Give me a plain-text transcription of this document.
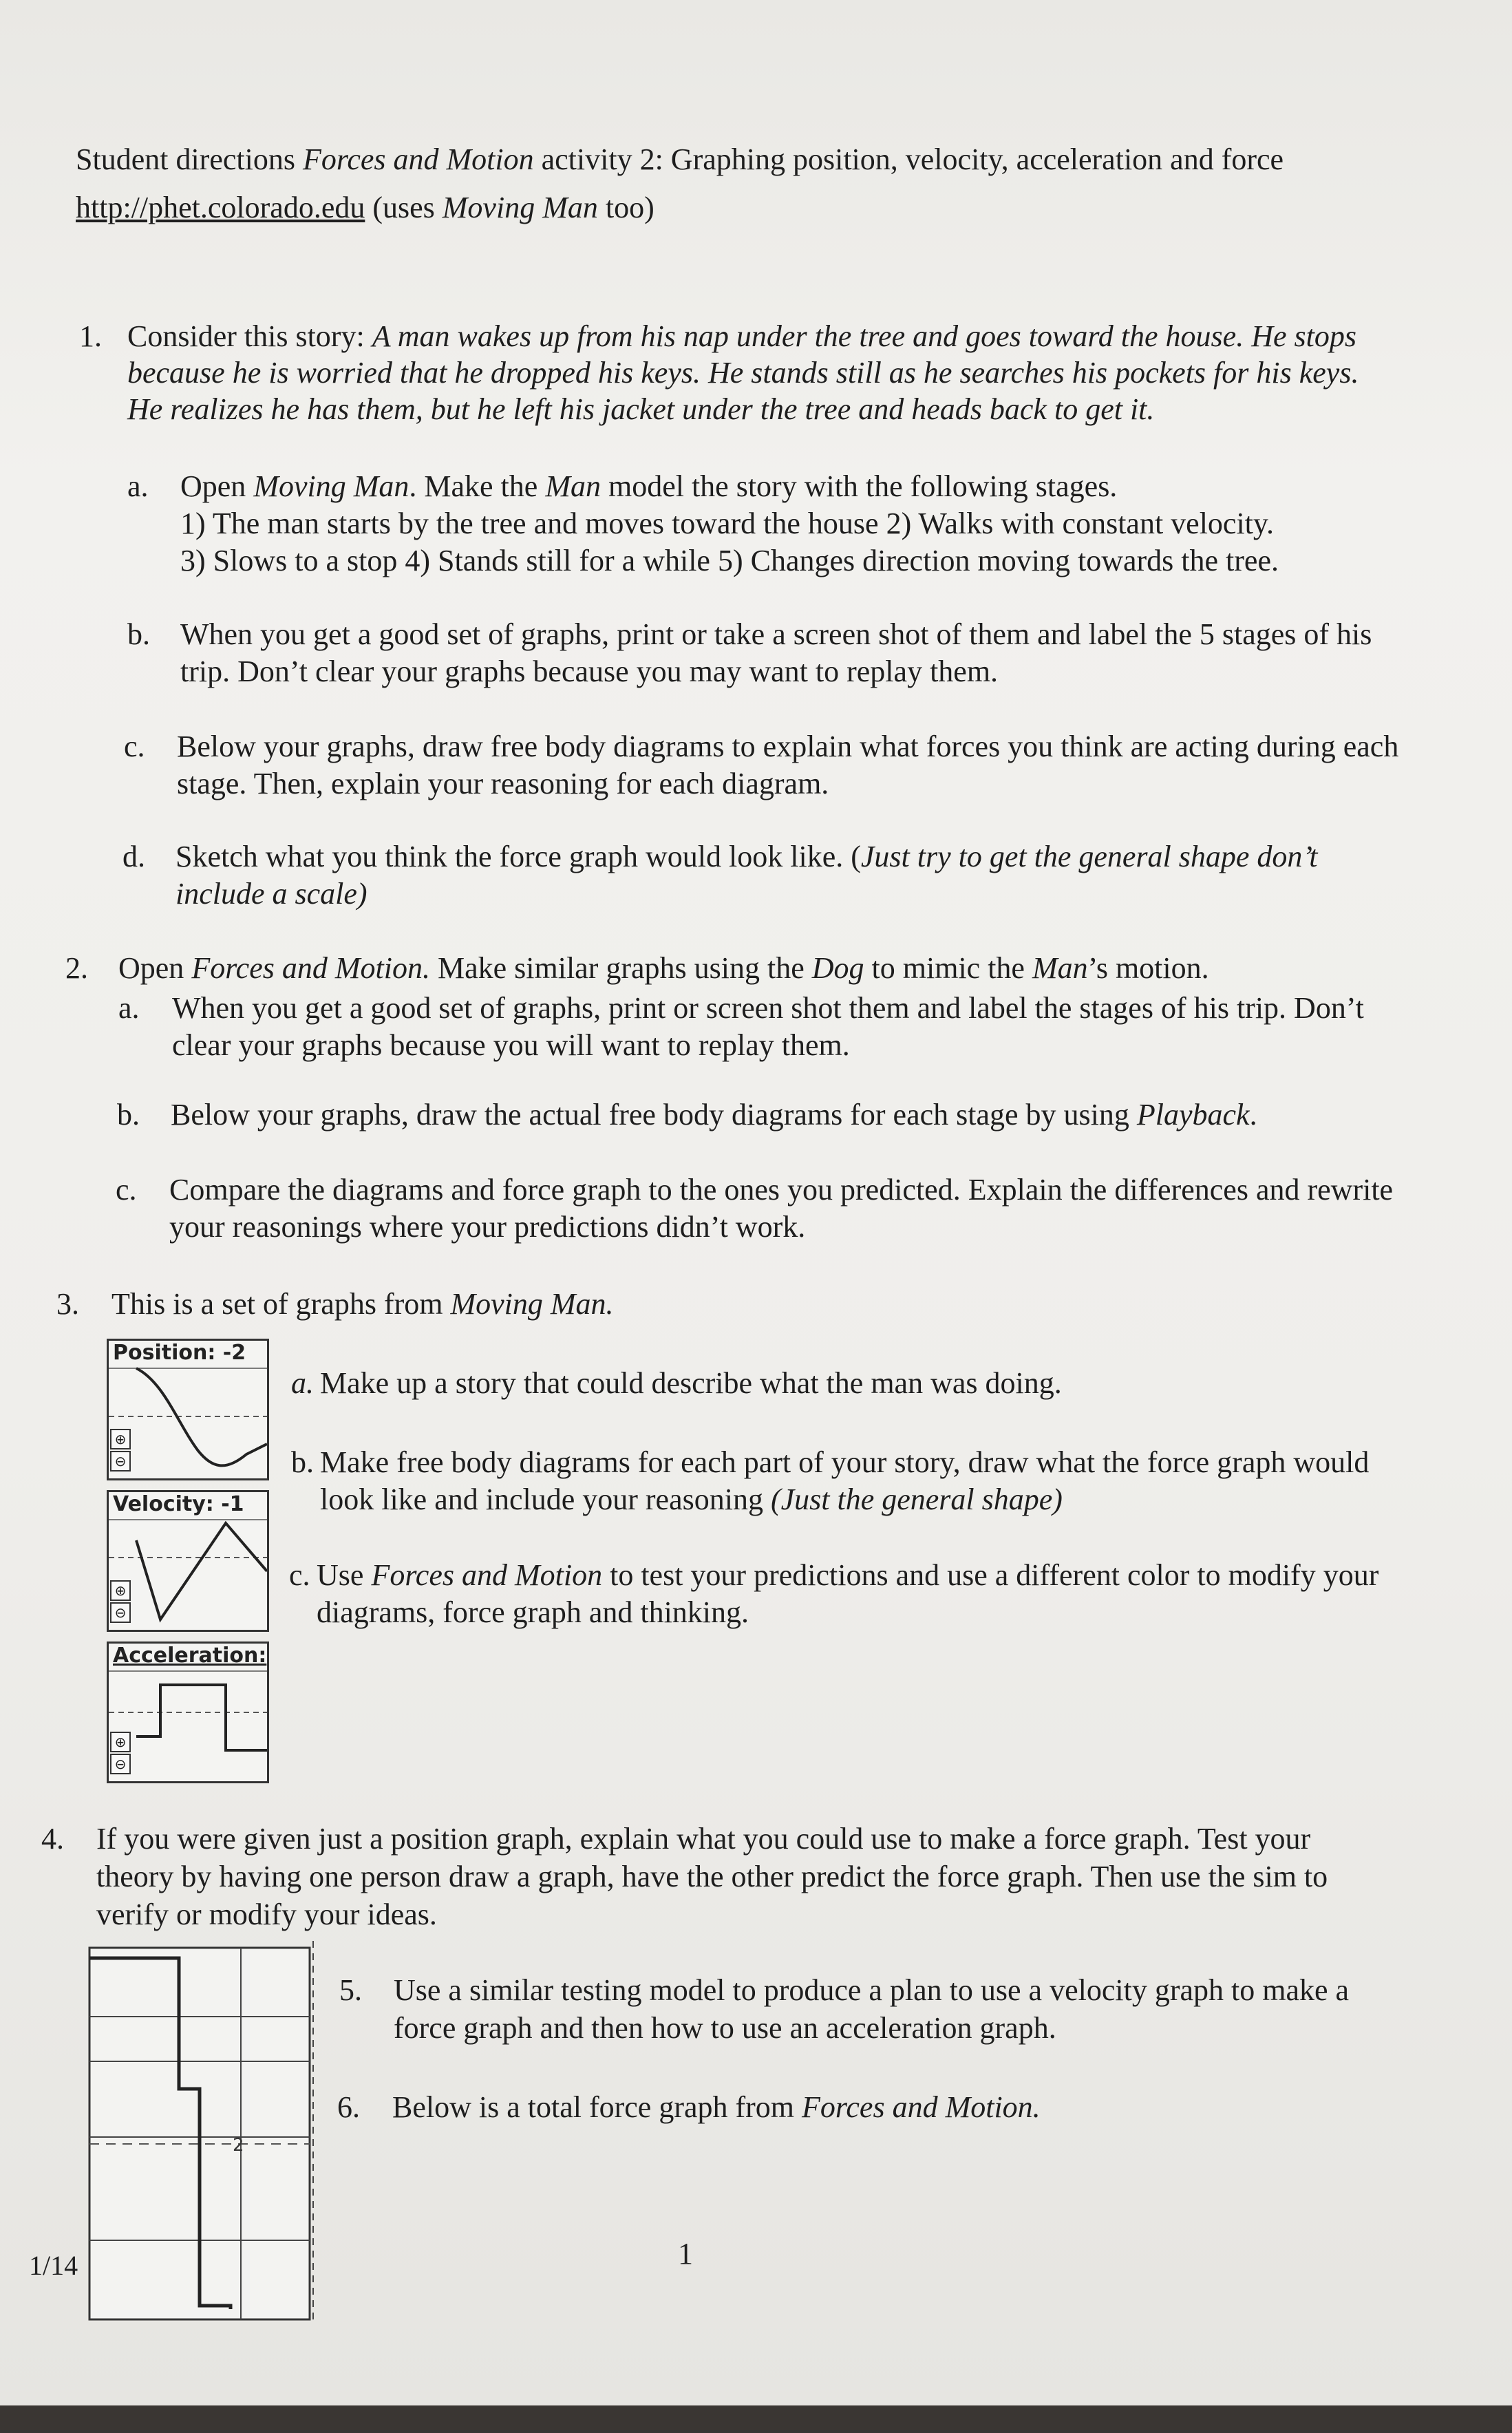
Student directions Forces and Motion activity 2: Graphing position, velocity, acceleration and force
http://phet.colorado.edu (uses Moving Man too)
1. Consider this story: A man wakes up from his nap under the tree and goes toward the house. He stops
because he is worried that he dropped his keys. He stands still as he searches his pockets for his keys.
He realizes he has them, but he left his jacket under the tree and heads back to get it.
a. Open Moving Man. Make the Man model the story with the following stages.
1) The man starts by the tree and moves toward the house 2) Walks with constant velocity.
3) Slows to a stop 4) Stands still for a while 5) Changes direction moving towards the tree.
b. When you get a good set of graphs, print or take a screen shot of them and label the 5 stages of his
trip. Don’t clear your graphs because you may want to replay them.
c. Below your graphs, draw free body diagrams to explain what forces you think are acting during each
stage. Then, explain your reasoning for each diagram.
d. Sketch what you think the force graph would look like. (Just try to get the general shape don’t
include a scale)
2. Open Forces and Motion. Make similar graphs using the Dog to mimic the Man’s motion.
a. When you get a good set of graphs, print or screen shot them and label the stages of his trip. Don’t
clear your graphs because you will want to replay them.
b. Below your graphs, draw the actual free body diagrams for each stage by using Playback.
c. Compare the diagrams and force graph to the ones you predicted. Explain the differences and rewrite
your reasonings where your predictions didn’t work.
3. This is a set of graphs from Moving Man.
Position: -2
⊕
⊖
Velocity: -1
⊕
⊖
Acceleration:
⊕
⊖
a. Make up a story that could describe what the man was doing.
b. Make free body diagrams for each part of your story, draw what the force graph would
look like and include your reasoning (Just the general shape)
c. Use Forces and Motion to test your predictions and use a different color to modify your
diagrams, force graph and thinking.
4. If you were given just a position graph, explain what you could use to make a force graph. Test your
theory by having one person draw a graph, have the other predict the force graph. Then use the sim to
verify or modify your ideas.
2
5. Use a similar testing model to produce a plan to use a velocity graph to make a
force graph and then how to use an acceleration graph.
6. Below is a total force graph from Forces and Motion.
1/14	1
